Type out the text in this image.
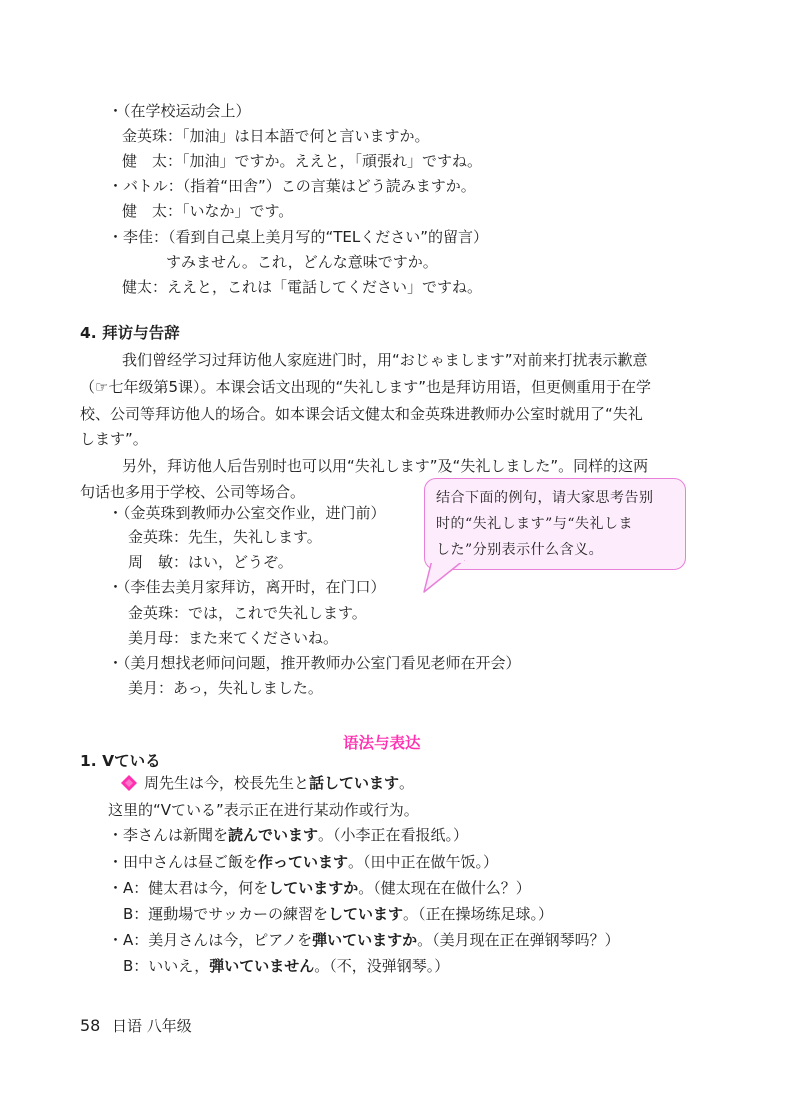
・（在学校运动会上）
金英珠：「加油」は日本語で何と言いますか。
健　太：「加油」ですか。ええと，「頑張れ」ですね。
・バトル：（指着“田舎”）この言葉はどう読みますか。
健　太：「いなか」です。
・李佳：（看到自己桌上美月写的“TELください”的留言）
すみません。これ，どんな意味ですか。
健太：ええと，これは「電話してください」ですね。
4. 拜访与告辞
我们曾经学习过拜访他人家庭进门时，用“おじゃまします”对前来打扰表示歉意
（☞七年级第5课）。本课会话文出现的“失礼します”也是拜访用语，但更侧重用于在学
校、公司等拜访他人的场合。如本课会话文健太和金英珠进教师办公室时就用了“失礼
します”。
另外，拜访他人后告别时也可以用“失礼します”及“失礼しました”。同样的这两
句话也多用于学校、公司等场合。	结合下面的例句，请大家思考告别
时的“失礼します”与“失礼しま
した”分别表示什么含义。
・（金英珠到教师办公室交作业，进门前）
金英珠：先生，失礼します。
周　敏：はい，どうぞ。
・（李佳去美月家拜访，离开时，在门口）
金英珠：では，これで失礼します。
美月母：また来てくださいね。
・（美月想找老师问问题，推开教师办公室门看见老师在开会）
美月：あっ，失礼しました。
语法与表达
1. Vている
周先生は今，校長先生と話しています。
这里的“Vている”表示正在进行某动作或行为。
・李さんは新聞を読んでいます。（小李正在看报纸。）
・田中さんは昼ご飯を作っています。（田中正在做午饭。）
・A：健太君は今，何をしていますか。（健太现在在做什么？）
　B：運動場でサッカーの練習をしています。（正在操场练足球。）
・A：美月さんは今，ピアノを弾いていますか。（美月现在正在弹钢琴吗？）
　B：いいえ，弾いていません。（不，没弹钢琴。）
58 日语 八年级
